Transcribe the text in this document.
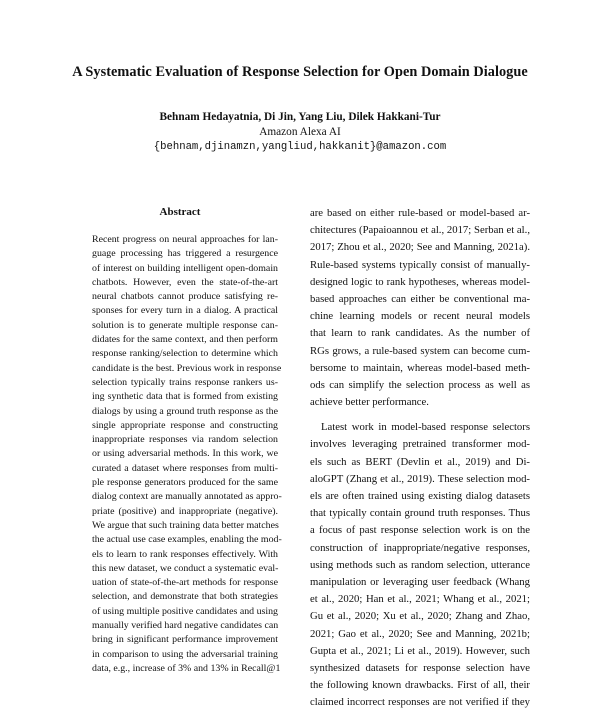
A Systematic Evaluation of Response Selection for Open Domain Dialogue
Behnam Hedayatnia, Di Jin, Yang Liu, Dilek Hakkani-Tur
Amazon Alexa AI
{behnam,djinamzn,yangliud,hakkanit}@amazon.com
Abstract
Recent progress on neural approaches for lan-
guage processing has triggered a resurgence
of interest on building intelligent open-domain
chatbots. However, even the state-of-the-art
neural chatbots cannot produce satisfying re-
sponses for every turn in a dialog. A practical
solution is to generate multiple response can-
didates for the same context, and then perform
response ranking/selection to determine which
candidate is the best. Previous work in response
selection typically trains response rankers us-
ing synthetic data that is formed from existing
dialogs by using a ground truth response as the
single appropriate response and constructing
inappropriate responses via random selection
or using adversarial methods. In this work, we
curated a dataset where responses from multi-
ple response generators produced for the same
dialog context are manually annotated as appro-
priate (positive) and inappropriate (negative).
We argue that such training data better matches
the actual use case examples, enabling the mod-
els to learn to rank responses effectively. With
this new dataset, we conduct a systematic eval-
uation of state-of-the-art methods for response
selection, and demonstrate that both strategies
of using multiple positive candidates and using
manually verified hard negative candidates can
bring in significant performance improvement
in comparison to using the adversarial training
data, e.g., increase of 3% and 13% in Recall@1
are based on either rule-based or model-based ar-
chitectures (Papaioannou et al., 2017; Serban et al.,
2017; Zhou et al., 2020; See and Manning, 2021a).
Rule-based systems typically consist of manually-
designed logic to rank hypotheses, whereas model-
based approaches can either be conventional ma-
chine learning models or recent neural models
that learn to rank candidates. As the number of
RGs grows, a rule-based system can become cum-
bersome to maintain, whereas model-based meth-
ods can simplify the selection process as well as
achieve better performance.
Latest work in model-based response selectors
involves leveraging pretrained transformer mod-
els such as BERT (Devlin et al., 2019) and Di-
aloGPT (Zhang et al., 2019). These selection mod-
els are often trained using existing dialog datasets
that typically contain ground truth responses. Thus
a focus of past response selection work is on the
construction of inappropriate/negative responses,
using methods such as random selection, utterance
manipulation or leveraging user feedback (Whang
et al., 2020; Han et al., 2021; Whang et al., 2021;
Gu et al., 2020; Xu et al., 2020; Zhang and Zhao,
2021; Gao et al., 2020; See and Manning, 2021b;
Gupta et al., 2021; Li et al., 2019). However, such
synthesized datasets for response selection have
the following known drawbacks. First of all, their
claimed incorrect responses are not verified if they
